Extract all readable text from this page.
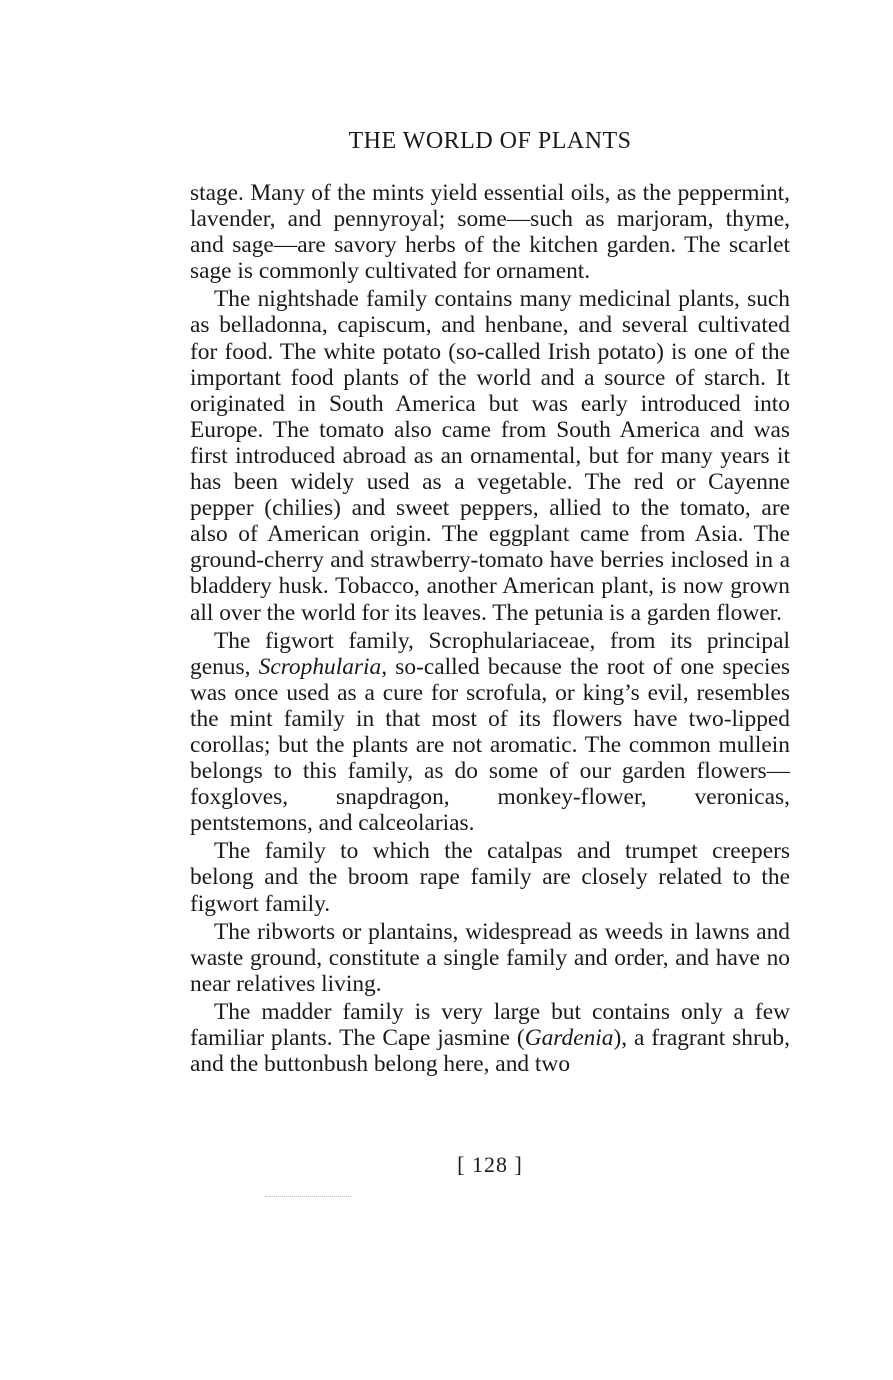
THE WORLD OF PLANTS

stage. Many of the mints yield essential oils, as the peppermint, lavender, and pennyroyal; some—such as marjoram, thyme, and sage—are savory herbs of the kitchen garden. The scarlet sage is commonly cultivated for ornament.

The nightshade family contains many medicinal plants, such as belladonna, capiscum, and henbane, and several cultivated for food. The white potato (so-called Irish potato) is one of the important food plants of the world and a source of starch. It originated in South America but was early introduced into Europe. The tomato also came from South America and was first introduced abroad as an ornamental, but for many years it has been widely used as a vegetable. The red or Cayenne pepper (chilies) and sweet peppers, allied to the tomato, are also of American origin. The eggplant came from Asia. The ground-cherry and strawberry-tomato have berries inclosed in a bladdery husk. Tobacco, another American plant, is now grown all over the world for its leaves. The petunia is a garden flower.

The figwort family, Scrophulariaceae, from its principal genus, Scrophularia, so-called because the root of one species was once used as a cure for scrofula, or king’s evil, resembles the mint family in that most of its flowers have two-lipped corollas; but the plants are not aromatic. The common mullein belongs to this family, as do some of our garden flowers—foxgloves, snapdragon, monkey-flower, veronicas, pentstemons, and calceolarias.

The family to which the catalpas and trumpet creepers belong and the broom rape family are closely related to the figwort family.

The ribworts or plantains, widespread as weeds in lawns and waste ground, constitute a single family and order, and have no near relatives living.

The madder family is very large but contains only a few familiar plants. The Cape jasmine (Gardenia), a fragrant shrub, and the buttonbush belong here, and two

[ 128 ]
